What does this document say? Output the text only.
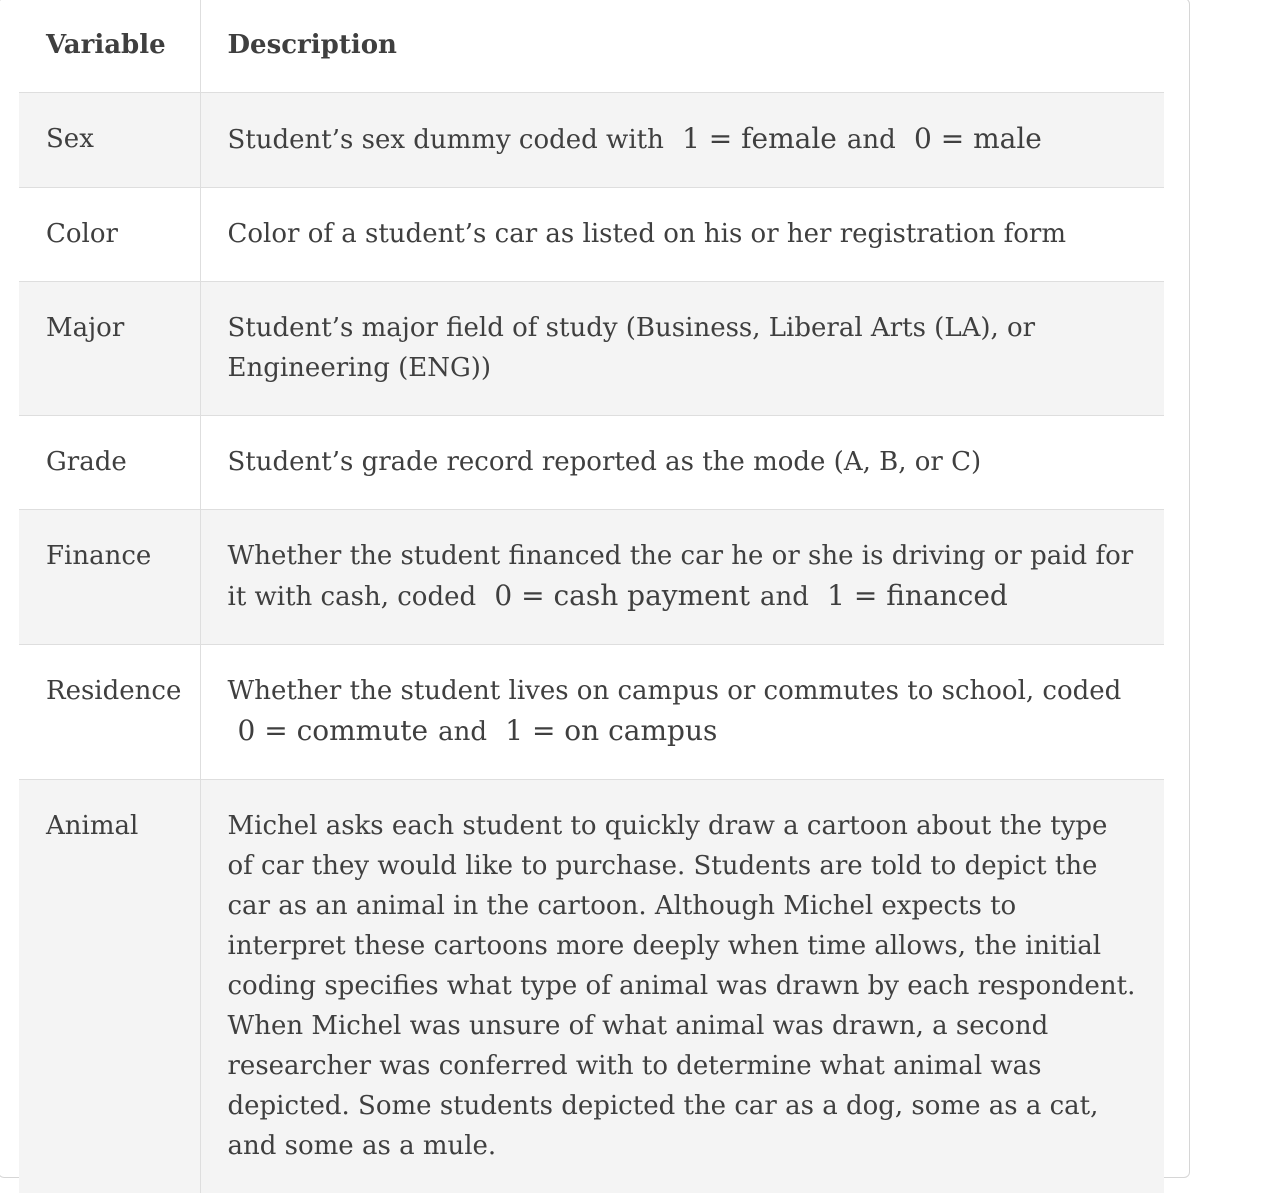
Variable	Description
Sex	Student’s sex dummy coded with 1 = female and 0 = male
Color	Color of a student’s car as listed on his or her registration form
Major	Student’s major field of study (Business, Liberal Arts (LA), or Engineering (ENG))
Grade	Student’s grade record reported as the mode (A, B, or C)
Finance	Whether the student financed the car he or she is driving or paid for it with cash, coded 0 = cash payment and 1 = financed
Residence	Whether the student lives on campus or commutes to school, coded 0 = commute and 1 = on campus
Animal	Michel asks each student to quickly draw a cartoon about the type of car they would like to purchase. Students are told to depict the car as an animal in the cartoon. Although Michel expects to interpret these cartoons more deeply when time allows, the initial coding specifies what type of animal was drawn by each respondent. When Michel was unsure of what animal was drawn, a second researcher was conferred with to determine what animal was depicted. Some students depicted the car as a dog, some as a cat, and some as a mule.
